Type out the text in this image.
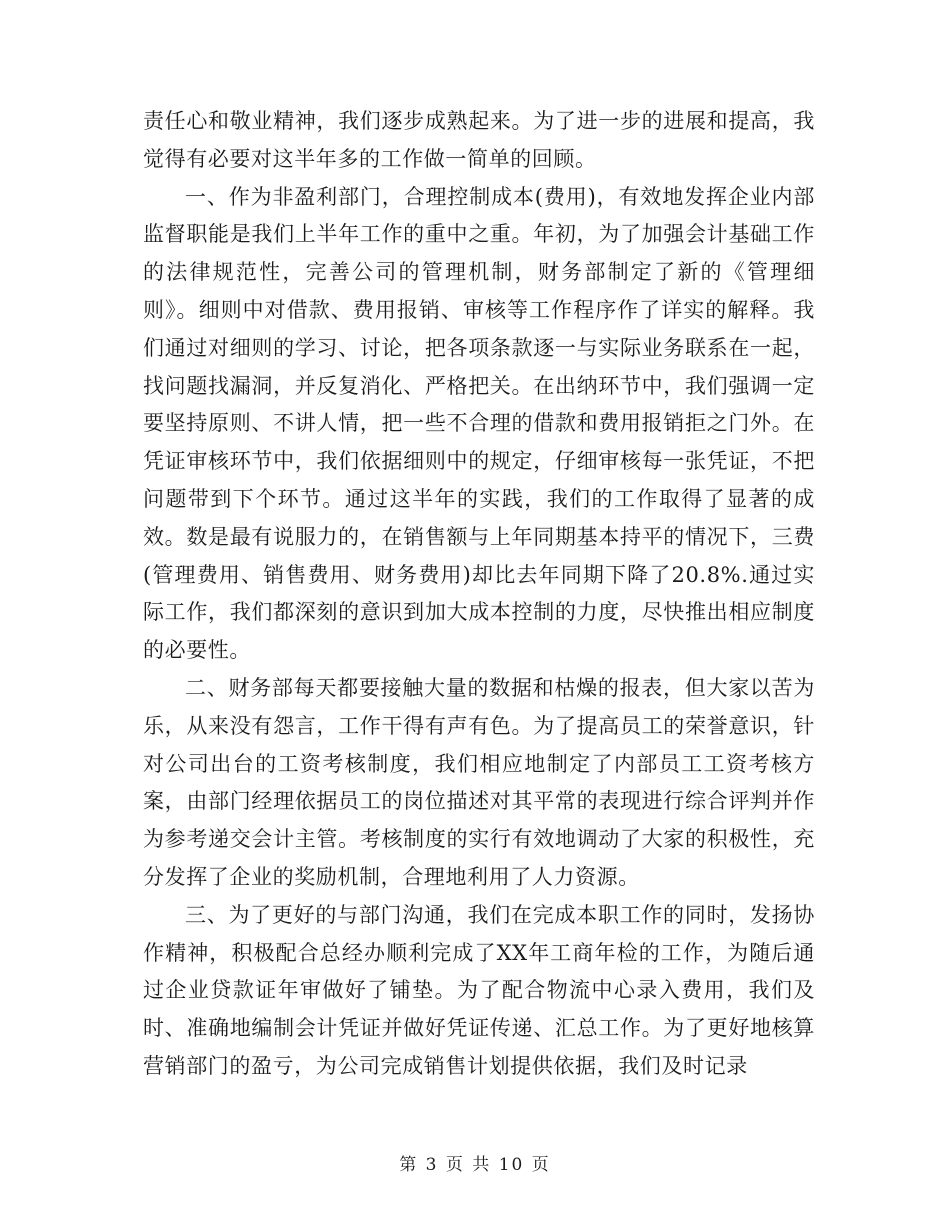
责任心和敬业精神，我们逐步成熟起来。为了进一步的进展和提高，我觉得有必要对这半年多的工作做一简单的回顾。

一、作为非盈利部门，合理控制成本(费用)，有效地发挥企业内部监督职能是我们上半年工作的重中之重。年初，为了加强会计基础工作的法律规范性，完善公司的管理机制，财务部制定了新的《管理细则》。细则中对借款、费用报销、审核等工作程序作了详实的解释。我们通过对细则的学习、讨论，把各项条款逐一与实际业务联系在一起，找问题找漏洞，并反复消化、严格把关。在出纳环节中，我们强调一定要坚持原则、不讲人情，把一些不合理的借款和费用报销拒之门外。在凭证审核环节中，我们依据细则中的规定，仔细审核每一张凭证，不把问题带到下个环节。通过这半年的实践，我们的工作取得了显著的成效。数是最有说服力的，在销售额与上年同期基本持平的情况下，三费(管理费用、销售费用、财务费用)却比去年同期下降了20.8%.通过实际工作，我们都深刻的意识到加大成本控制的力度，尽快推出相应制度的必要性。

二、财务部每天都要接触大量的数据和枯燥的报表，但大家以苦为乐，从来没有怨言，工作干得有声有色。为了提高员工的荣誉意识，针对公司出台的工资考核制度，我们相应地制定了内部员工工资考核方案，由部门经理依据员工的岗位描述对其平常的表现进行综合评判并作为参考递交会计主管。考核制度的实行有效地调动了大家的积极性，充分发挥了企业的奖励机制，合理地利用了人力资源。

三、为了更好的与部门沟通，我们在完成本职工作的同时，发扬协作精神，积极配合总经办顺利完成了XX年工商年检的工作，为随后通过企业贷款证年审做好了铺垫。为了配合物流中心录入费用，我们及时、准确地编制会计凭证并做好凭证传递、汇总工作。为了更好地核算营销部门的盈亏，为公司完成销售计划提供依据，我们及时记录

第 3 页 共 10 页
